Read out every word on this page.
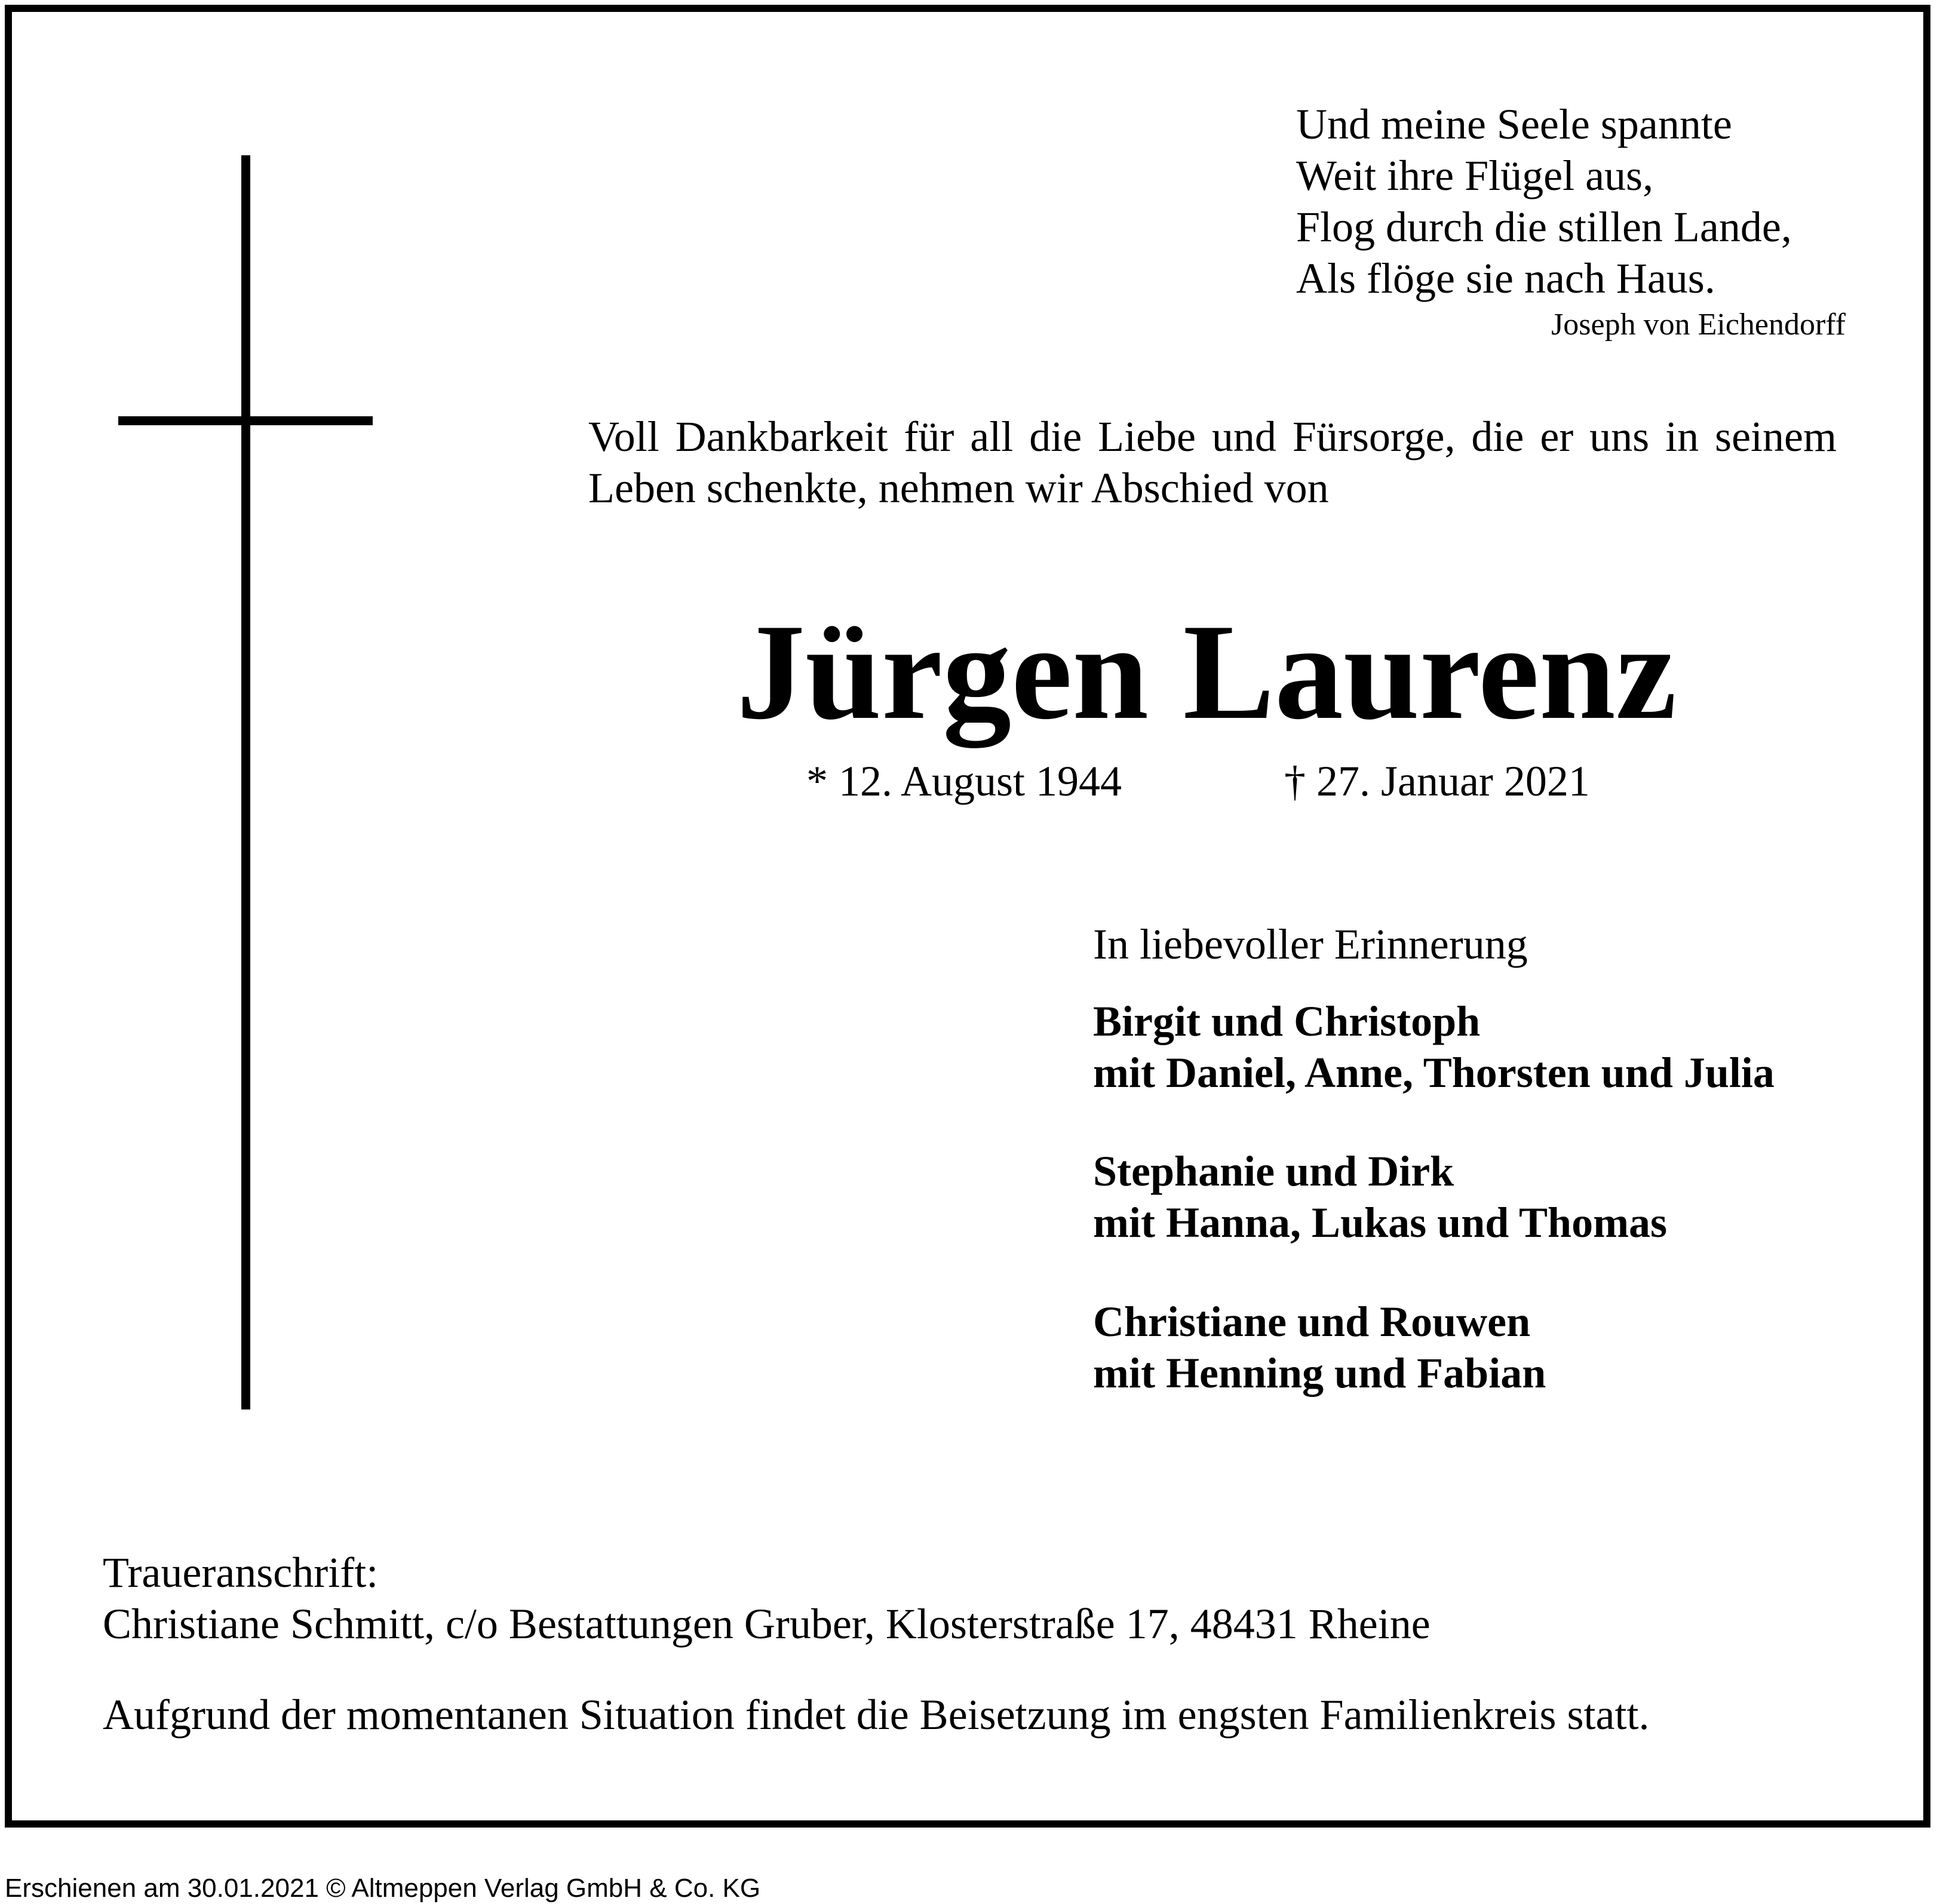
Und meine Seele spannte
Weit ihre Flügel aus,
Flog durch die stillen Lande,
Als flöge sie nach Haus.
Joseph von Eichendorff
Voll Dankbarkeit für all die Liebe und Fürsorge, die er uns in seinem Leben schenkte, nehmen wir Abschied von
Jürgen Laurenz
* 12. August 1944	† 27. Januar 2021
In liebevoller Erinnerung
Birgit und Christoph
mit Daniel, Anne, Thorsten und Julia
Stephanie und Dirk
mit Hanna, Lukas und Thomas
Christiane und Rouwen
mit Henning und Fabian
Traueranschrift:
Christiane Schmitt, c/o Bestattungen Gruber, Klosterstraße 17, 48431 Rheine
Aufgrund der momentanen Situation findet die Beisetzung im engsten Familienkreis statt.
Erschienen am 30.01.2021 © Altmeppen Verlag GmbH & Co. KG
